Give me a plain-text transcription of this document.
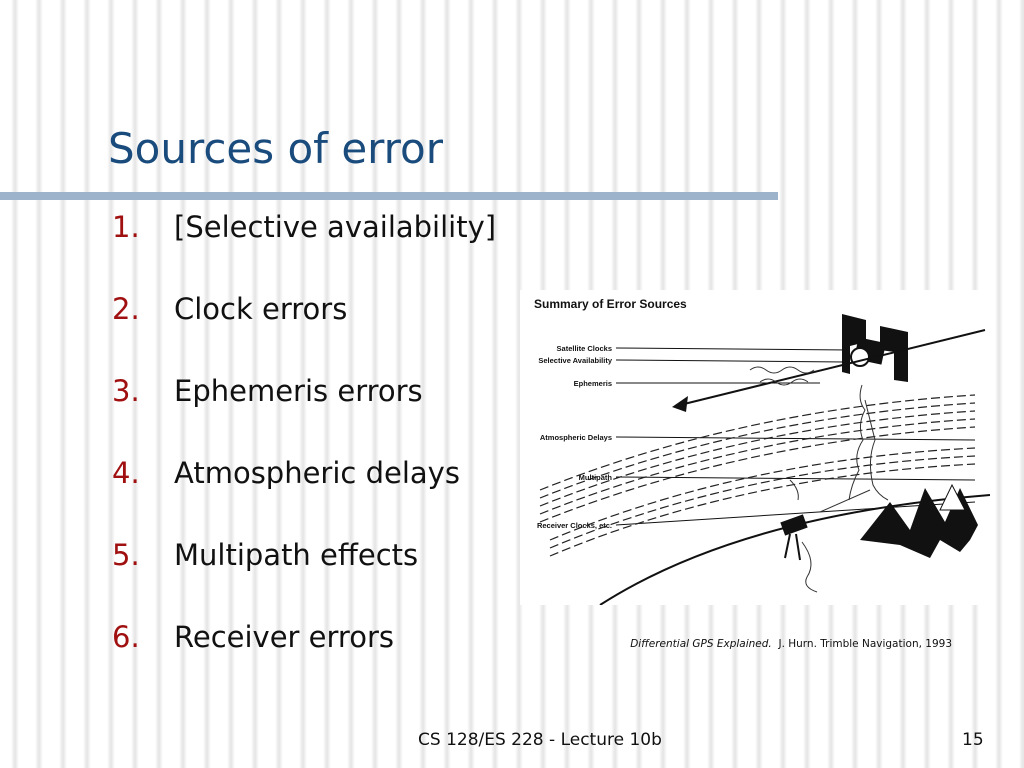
Sources of error
1. [Selective availability]
2. Clock errors
3. Ephemeris errors
4. Atmospheric delays
5. Multipath effects
6. Receiver errors
Summary of Error Sources
Satellite Clocks
Selective Availability
Ephemeris
Atmospheric Delays
Multipath
Receiver Clocks, etc.
Differential GPS Explained. J. Hurn. Trimble Navigation, 1993
CS 128/ES 228 - Lecture 10b	15
